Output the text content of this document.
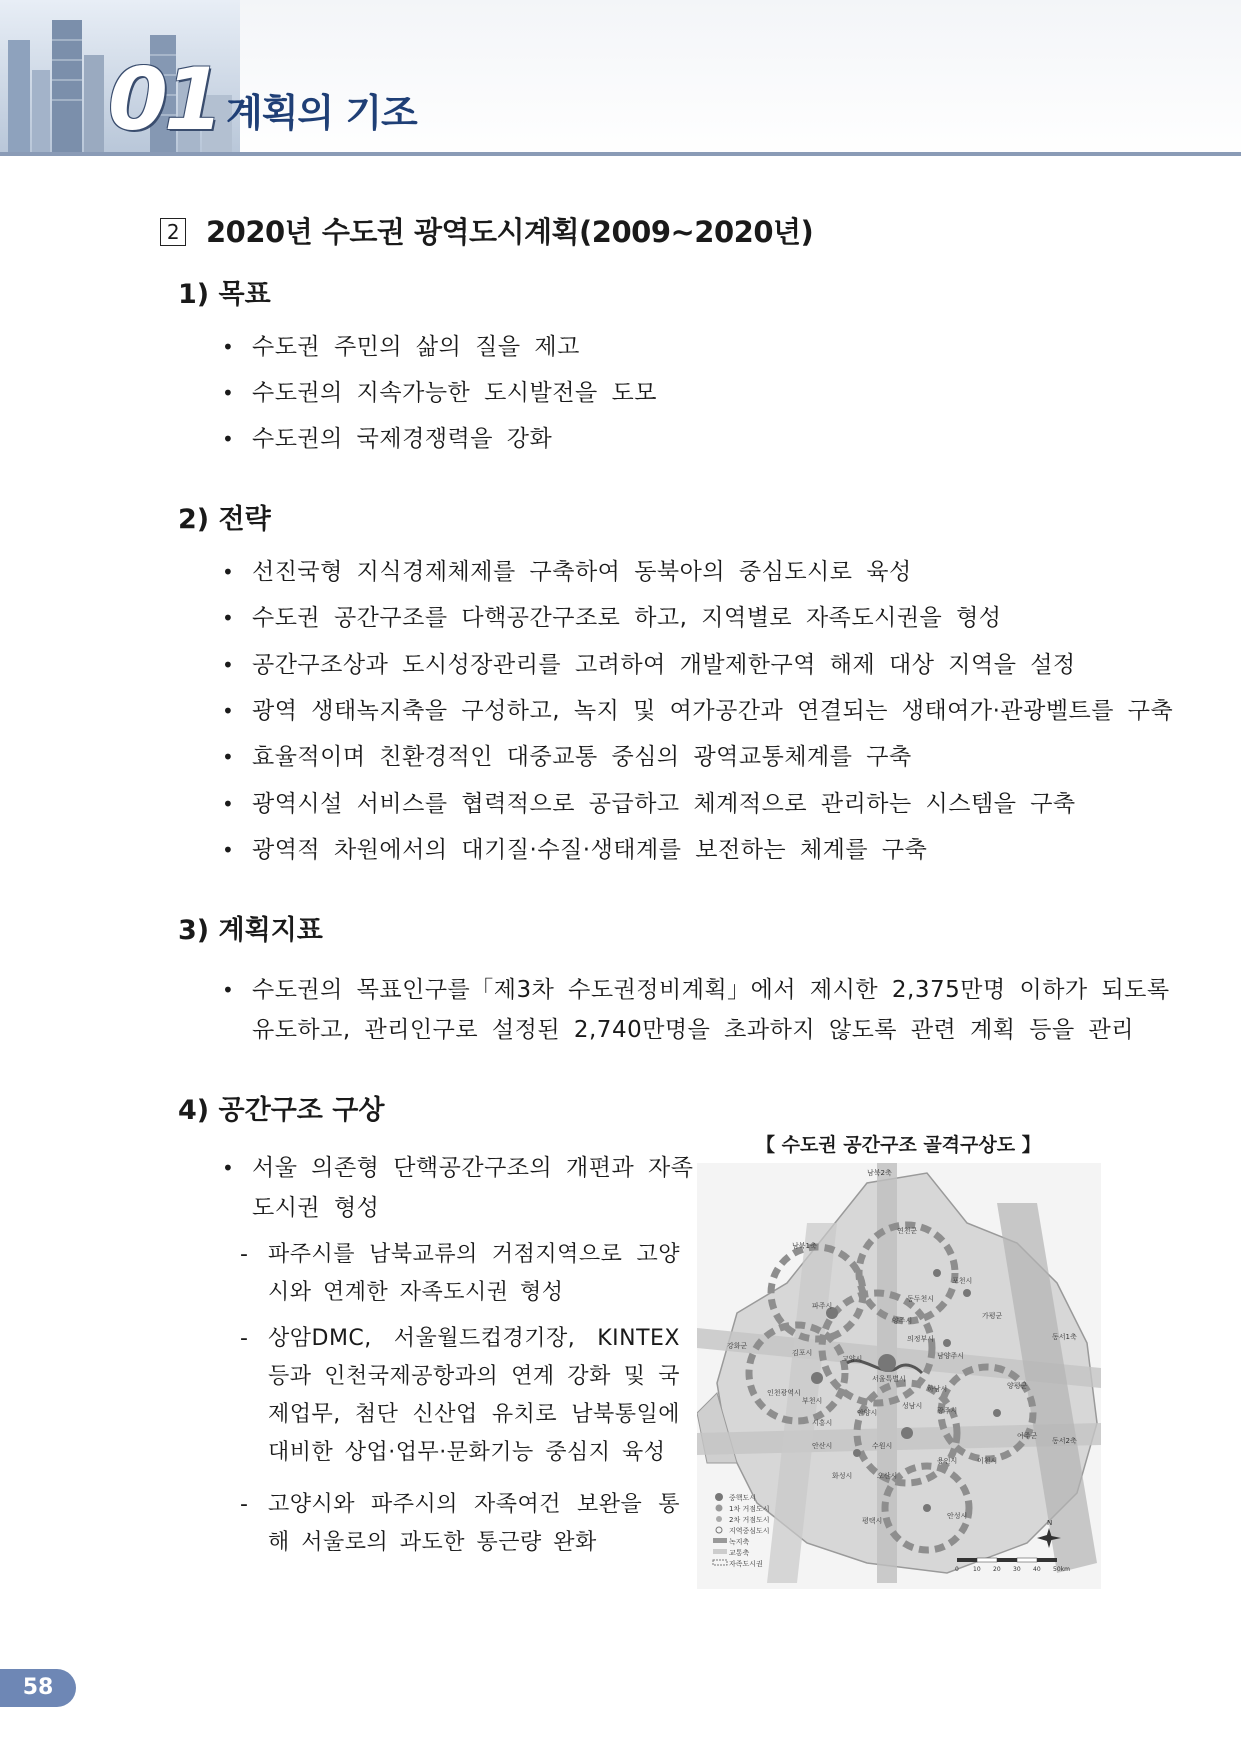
01 계획의 기조
2 2020년 수도권 광역도시계획(2009~2020년)
1) 목표
• 수도권 주민의 삶의 질을 제고
• 수도권의 지속가능한 도시발전을 도모
• 수도권의 국제경쟁력을 강화
2) 전략
• 선진국형 지식경제체제를 구축하여 동북아의 중심도시로 육성
• 수도권 공간구조를 다핵공간구조로 하고, 지역별로 자족도시권을 형성
• 공간구조상과 도시성장관리를 고려하여 개발제한구역 해제 대상 지역을 설정
• 광역 생태녹지축을 구성하고, 녹지 및 여가공간과 연결되는 생태여가·관광벨트를 구축
• 효율적이며 친환경적인 대중교통 중심의 광역교통체계를 구축
• 광역시설 서비스를 협력적으로 공급하고 체계적으로 관리하는 시스템을 구축
• 광역적 차원에서의 대기질·수질·생태계를 보전하는 체계를 구축
3) 계획지표
• 수도권의 목표인구를「제3차 수도권정비계획」에서 제시한 2,375만명 이하가 되도록
유도하고, 관리인구로 설정된 2,740만명을 초과하지 않도록 관련 계획 등을 관리
4) 공간구조 구상
• 서울 의존형 단핵공간구조의 개편과 자족
도시권 형성
- 파주시를 남북교류의 거점지역으로 고양시와 연계한 자족도시권 형성
- 상암DMC, 서울월드컵경기장, KINTEX 등과 인천국제공항과의 연계 강화 및 국제업무, 첨단 신산업 유치로 남북통일에 대비한 상업·업무·문화기능 중심지 육성
- 고양시와 파주시의 자족여건 보완을 통해 서울로의 과도한 통근량 완화
【 수도권 공간구조 골격구상도 】
남북2축
남북1축
동서1축
동서2축
연천군
포천시
동두천시
파주시
양주시
가평군
의정부시
남양주시
강화군
김포시
서울특별시
고양시
양평군
인천광역시
부천시
시흥시
광주시
하남시
안산시
성남시
안양시
여주군
이천시
용인시
수원시
화성시	오산시
평택시
안성시
중핵도시
1차 거점도시
2차 거점도시
지역중심도시
녹지축
교통축
자족도시권
N
0 10 20 30 40 50km
58
